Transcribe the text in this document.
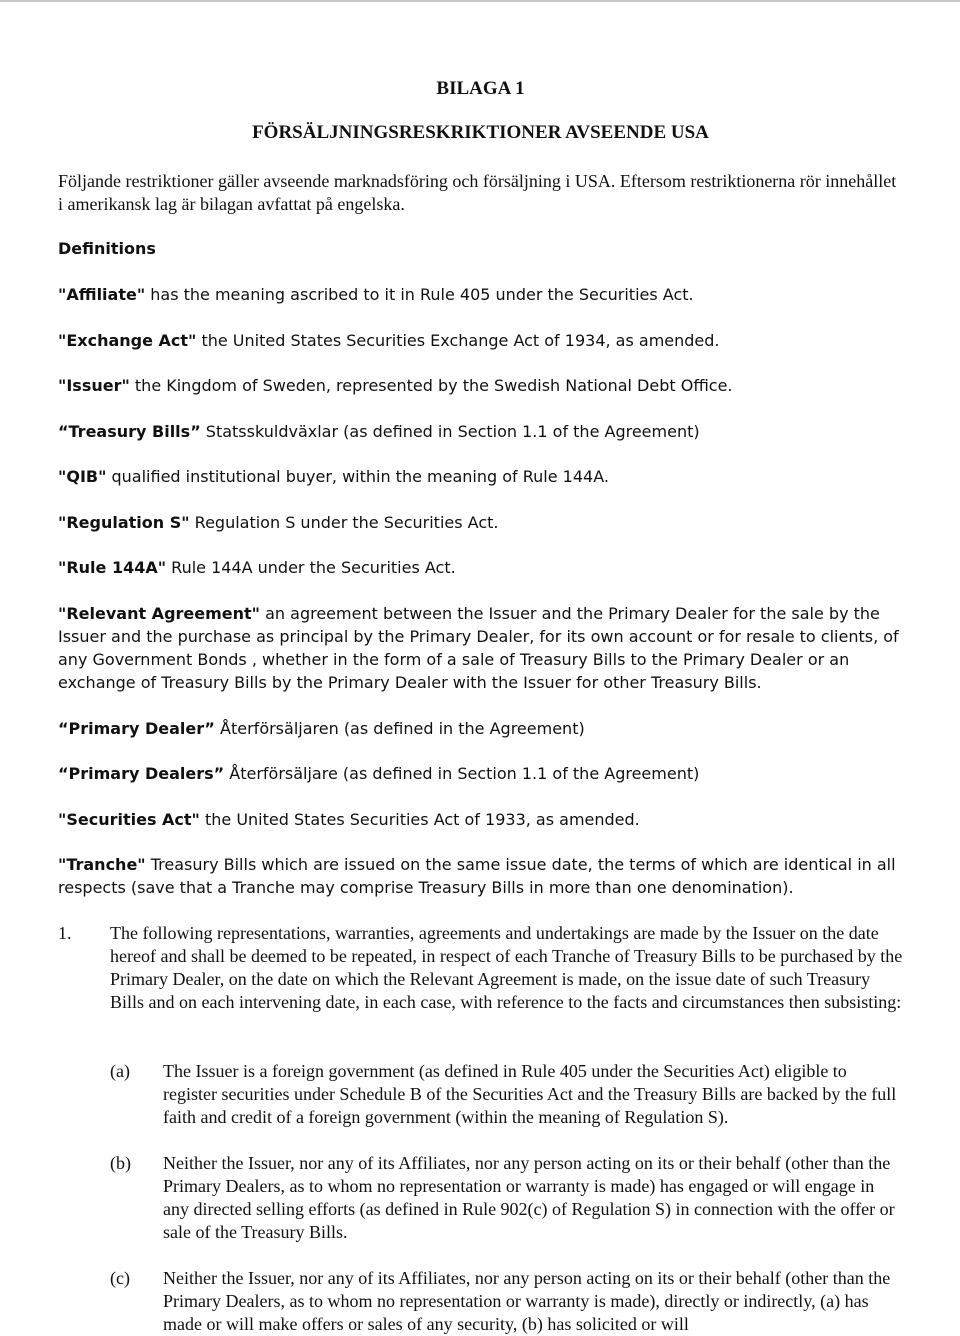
BILAGA 1
FÖRSÄLJNINGSRESKRIKTIONER AVSEENDE USA

Följande restriktioner gäller avseende marknadsföring och försäljning i USA. Eftersom restriktionerna rör innehållet i amerikansk lag är bilagan avfattat på engelska.

Definitions

"Affiliate" has the meaning ascribed to it in Rule 405 under the Securities Act.

"Exchange Act" the United States Securities Exchange Act of 1934, as amended.

"Issuer" the Kingdom of Sweden, represented by the Swedish National Debt Office.

“Treasury Bills” Statsskuldväxlar (as defined in Section 1.1 of the Agreement)

"QIB" qualified institutional buyer, within the meaning of Rule 144A.

"Regulation S" Regulation S under the Securities Act.

"Rule 144A" Rule 144A under the Securities Act.

"Relevant Agreement" an agreement between the Issuer and the Primary Dealer for the sale by the Issuer and the purchase as principal by the Primary Dealer, for its own account or for resale to clients, of any Government Bonds , whether in the form of a sale of Treasury Bills to the Primary Dealer or an exchange of Treasury Bills by the Primary Dealer with the Issuer for other Treasury Bills.

“Primary Dealer” Återförsäljaren (as defined in the Agreement)

“Primary Dealers” Återförsäljare (as defined in Section 1.1 of the Agreement)

"Securities Act" the United States Securities Act of 1933, as amended.

"Tranche" Treasury Bills which are issued on the same issue date, the terms of which are identical in all respects (save that a Tranche may comprise Treasury Bills in more than one denomination).

1. The following representations, warranties, agreements and undertakings are made by the Issuer on the date hereof and shall be deemed to be repeated, in respect of each Tranche of Treasury Bills to be purchased by the Primary Dealer, on the date on which the Relevant Agreement is made, on the issue date of such Treasury Bills and on each intervening date, in each case, with reference to the facts and circumstances then subsisting:

(a) The Issuer is a foreign government (as defined in Rule 405 under the Securities Act) eligible to register securities under Schedule B of the Securities Act and the Treasury Bills are backed by the full faith and credit of a foreign government (within the meaning of Regulation S).

(b) Neither the Issuer, nor any of its Affiliates, nor any person acting on its or their behalf (other than the Primary Dealers, as to whom no representation or warranty is made) has engaged or will engage in any directed selling efforts (as defined in Rule 902(c) of Regulation S) in connection with the offer or sale of the Treasury Bills.

(c) Neither the Issuer, nor any of its Affiliates, nor any person acting on its or their behalf (other than the Primary Dealers, as to whom no representation or warranty is made), directly or indirectly, (a) has made or will make offers or sales of any security, (b) has solicited or will
